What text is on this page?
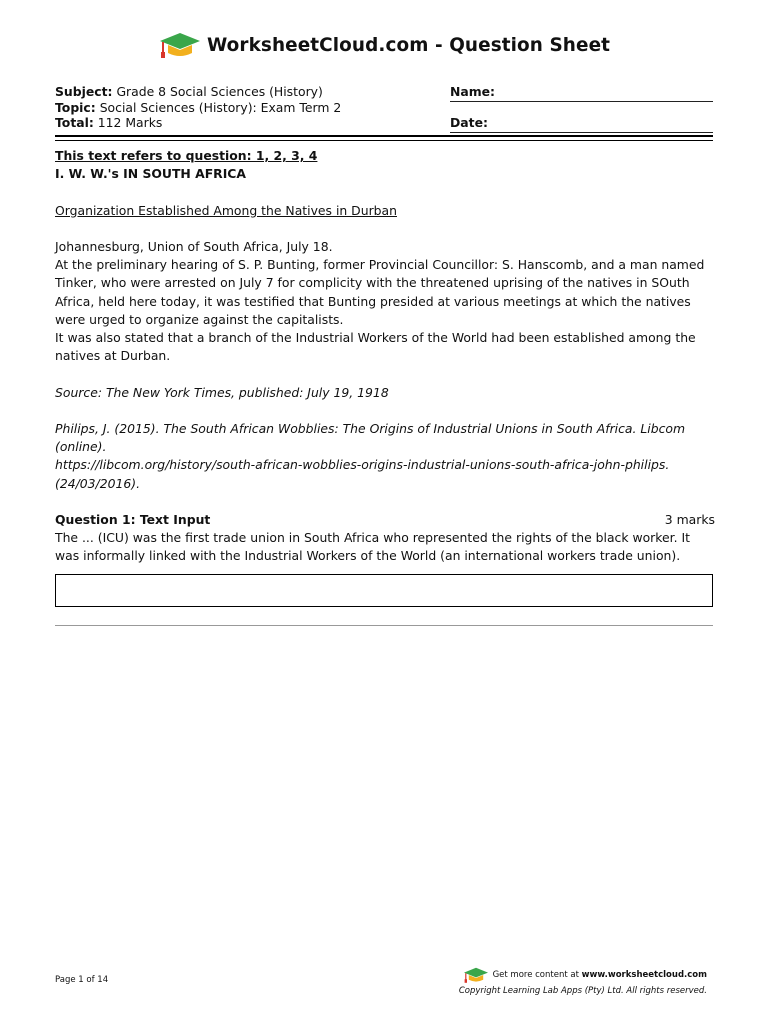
WorksheetCloud.com - Question Sheet
Subject: Grade 8 Social Sciences (History)
Topic: Social Sciences (History): Exam Term 2
Total: 112 Marks
Name:
Date:

This text refers to question: 1, 2, 3, 4

I. W. W.'s IN SOUTH AFRICA

Organization Established Among the Natives in Durban

Johannesburg, Union of South Africa, July 18.

At the preliminary hearing of S. P. Bunting, former Provincial Councillor: S. Hanscomb, and a man named Tinker, who were arrested on July 7 for complicity with the threatened uprising of the natives in SOuth Africa, held here today, it was testified that Bunting presided at various meetings at which the natives were urged to organize against the capitalists.

It was also stated that a branch of the Industrial Workers of the World had been established among the natives at Durban.

Source: The New York Times, published: July 19, 1918

Philips, J. (2015). The South African Wobblies: The Origins of Industrial Unions in South Africa. Libcom (online).

https://libcom.org/history/south-african-wobblies-origins-industrial-unions-south-africa-john-philips.

(24/03/2016).

Question 1: Text Input	3 marks

The ... (ICU) was the first trade union in South Africa who represented the rights of the black worker. It was informally linked with the Industrial Workers of the World (an international workers trade union).

Page 1 of 14	Get more content at
www.worksheetcloud.com
Copyright Learning Lab Apps (Pty) Ltd. All rights reserved.
